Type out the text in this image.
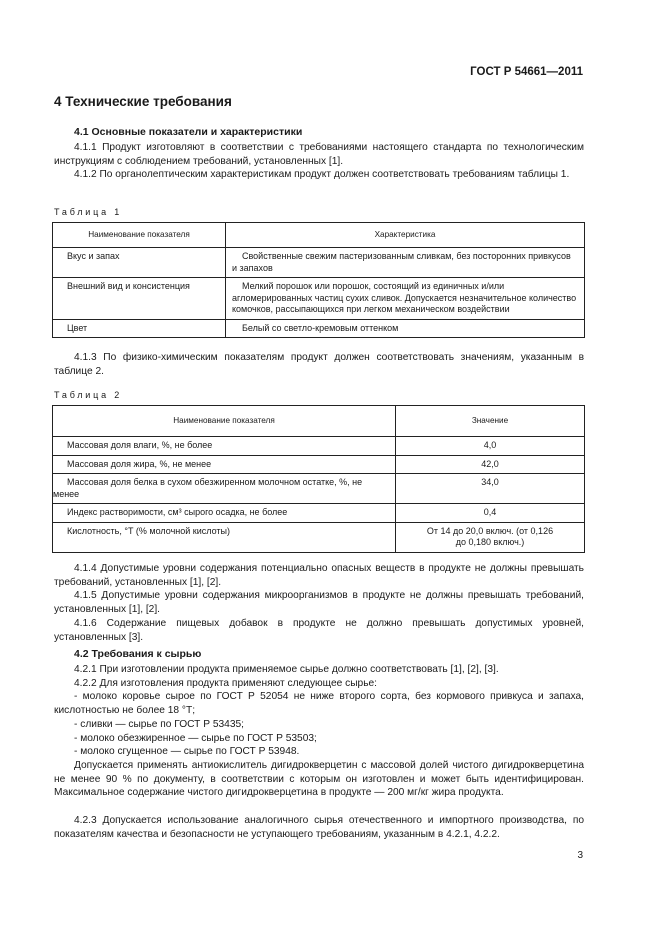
ГОСТ Р 54661—2011
4 Технические требования
4.1 Основные показатели и характеристики
4.1.1 Продукт изготовляют в соответствии с требованиями настоящего стандарта по технологическим инструкциям с соблюдением требований, установленных [1].
4.1.2 По органолептическим характеристикам продукт должен соответствовать требованиям таблицы 1.
Таблица 1
Наименование показателя	Характеристика
Вкус и запах	Свойственные свежим пастеризованным сливкам, без посторонних привкусов и запахов
Внешний вид и консистенция	Мелкий порошок или порошок, состоящий из единичных и/или агломерированных частиц сухих сливок. Допускается незначительное количество комочков, рассыпающихся при легком механическом воздействии
Цвет	Белый со светло-кремовым оттенком
4.1.3 По физико-химическим показателям продукт должен соответствовать значениям, указанным в таблице 2.
Таблица 2
Наименование показателя	Значение
Массовая доля влаги, %, не более	4,0
Массовая доля жира, %, не менее	42,0
Массовая доля белка в сухом обезжиренном молочном остатке, %, не менее	34,0
Индекс растворимости, см³ сырого осадка, не более	0,4
Кислотность, °Т (% молочной кислоты)	От 14 до 20,0 включ. (от 0,126 до 0,180 включ.)
4.1.4 Допустимые уровни содержания потенциально опасных веществ в продукте не должны превышать требований, установленных [1], [2].
4.1.5 Допустимые уровни содержания микроорганизмов в продукте не должны превышать требований, установленных [1], [2].
4.1.6 Содержание пищевых добавок в продукте не должно превышать допустимых уровней, установленных [3].
4.2 Требования к сырью
4.2.1 При изготовлении продукта применяемое сырье должно соответствовать [1], [2], [3].
4.2.2 Для изготовления продукта применяют следующее сырье:
- молоко коровье сырое по ГОСТ Р 52054 не ниже второго сорта, без кормового привкуса и запаха, кислотностью не более 18 °Т;
- сливки — сырье по ГОСТ Р 53435;
- молоко обезжиренное — сырье по ГОСТ Р 53503;
- молоко сгущенное — сырье по ГОСТ Р 53948.
Допускается применять антиокислитель дигидрокверцетин с массовой долей чистого дигидрокверцетина не менее 90 % по документу, в соответствии с которым он изготовлен и может быть идентифицирован. Максимальное содержание чистого дигидрокверцетина в продукте — 200 мг/кг жира продукта.
4.2.3 Допускается использование аналогичного сырья отечественного и импортного производства, по показателям качества и безопасности не уступающего требованиям, указанным в 4.2.1, 4.2.2.
3
